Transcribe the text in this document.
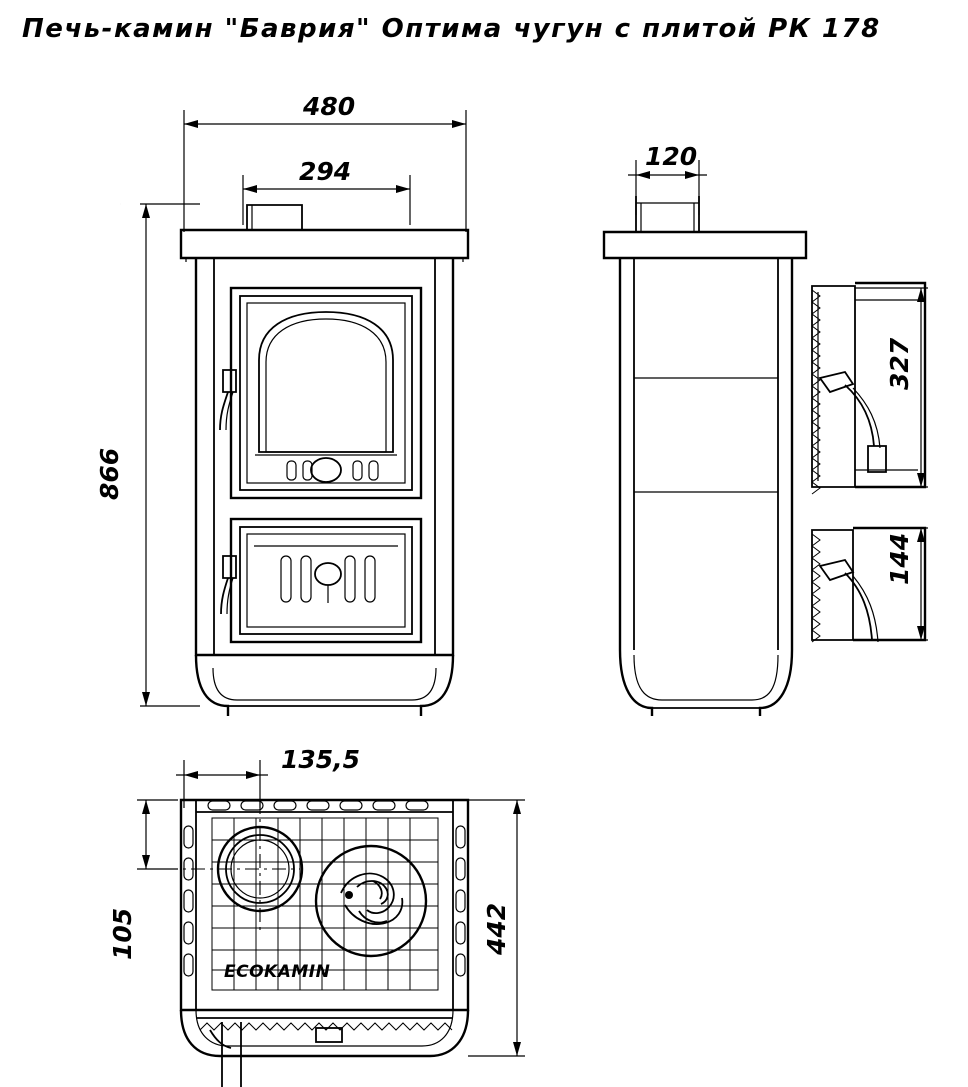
Печь-камин "Баврия" Оптима чугун с плитой РК 178
480
294
866
120
327
144
ECOKAMIN
135,5
105	442
